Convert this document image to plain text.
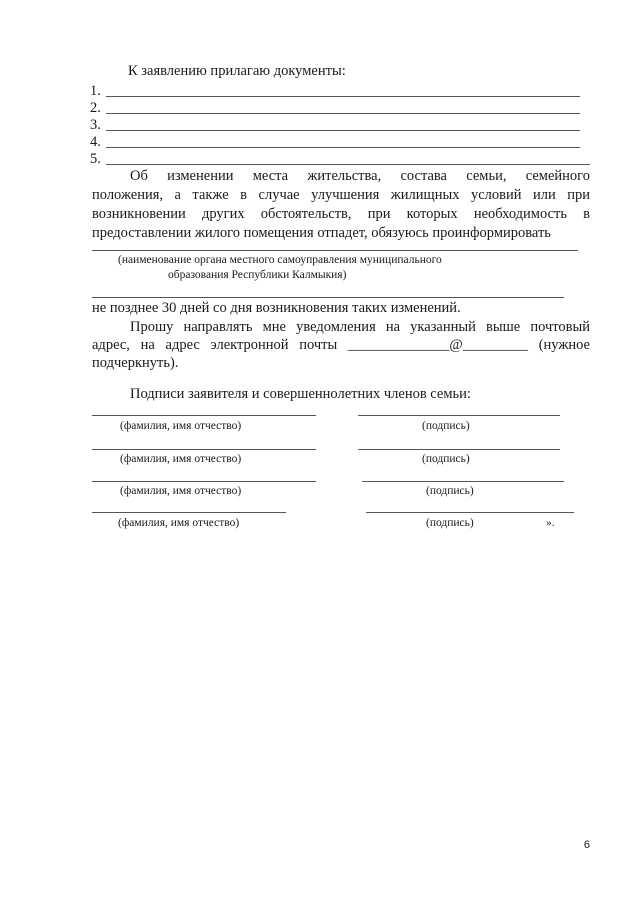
К заявлению прилагаю документы:
1.
2.
3.
4.
5.
Об изменении места жительства, состава семьи, семейного
положения, а также в случае улучшения жилищных условий или при
возникновении других обстоятельств, при которых необходимость в
предоставлении жилого помещения отпадет, обязуюсь проинформировать
(наименование органа местного самоуправления муниципального
образования Республики Калмыкия)
не позднее 30 дней со дня возникновения таких изменений.
Прошу направлять мне уведомления на указанный выше почтовый
адрес, на адрес электронной почты ______________@_________ (нужное
подчеркнуть).
Подписи заявителя и совершеннолетних членов семьи:
(фамилия, имя отчество)	(подпись)
(фамилия, имя отчество)	(подпись)
(фамилия, имя отчество)	(подпись)
(фамилия, имя отчество)	(подпись)	».
6
